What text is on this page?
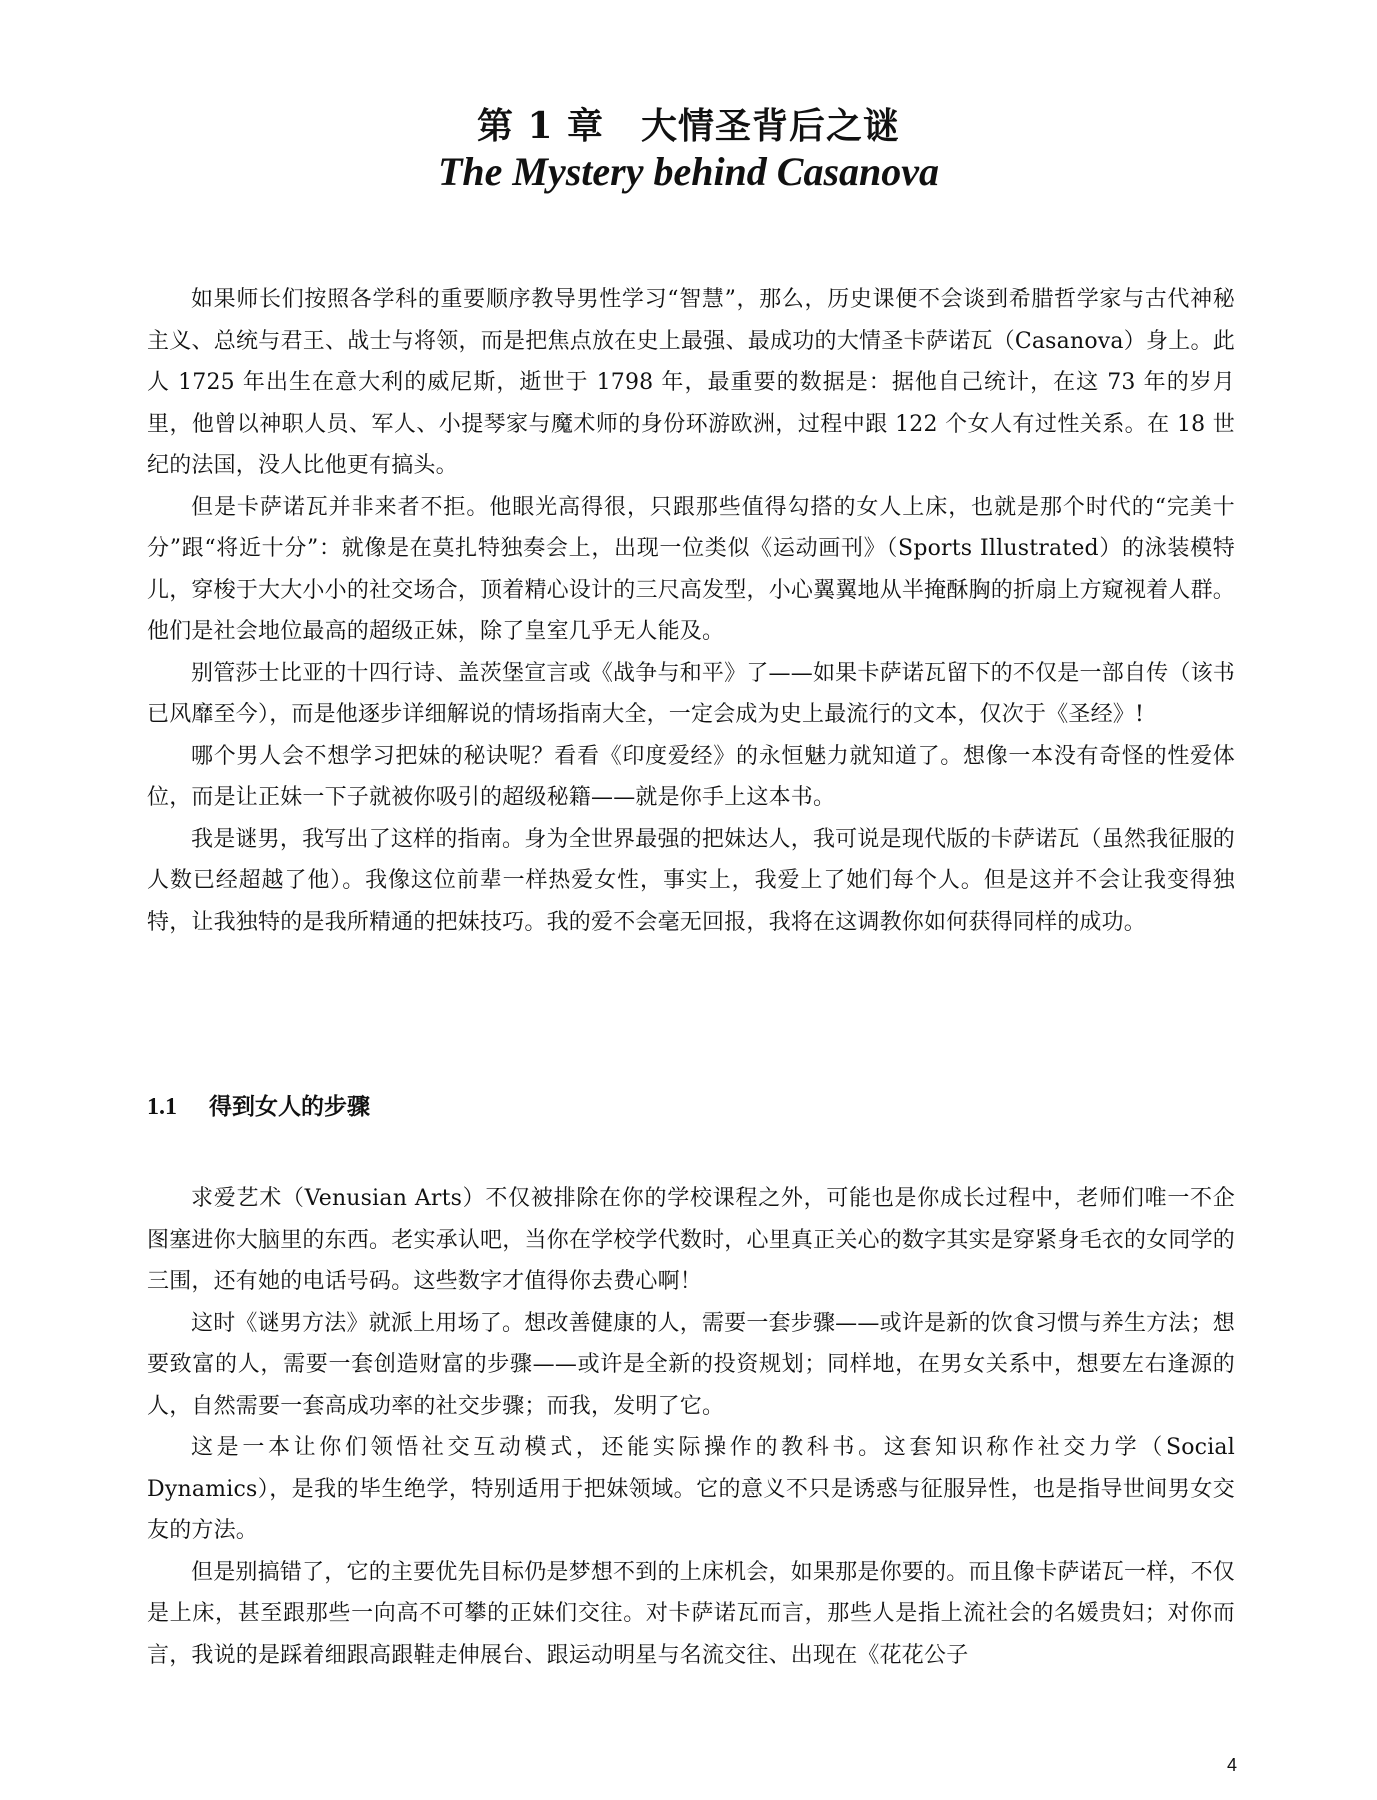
第 1 章　大情圣背后之谜
The Mystery behind Casanova

如果师长们按照各学科的重要顺序教导男性学习“智慧”，那么，历史课便不会谈到希腊哲学家与古代神秘主义、总统与君王、战士与将领，而是把焦点放在史上最强、最成功的大情圣卡萨诺瓦（Casanova）身上。此人 1725 年出生在意大利的威尼斯，逝世于 1798 年，最重要的数据是：据他自己统计，在这 73 年的岁月里，他曾以神职人员、军人、小提琴家与魔术师的身份环游欧洲，过程中跟 122 个女人有过性关系。在 18 世纪的法国，没人比他更有搞头。

但是卡萨诺瓦并非来者不拒。他眼光高得很，只跟那些值得勾搭的女人上床，也就是那个时代的“完美十分”跟“将近十分”：就像是在莫扎特独奏会上，出现一位类似《运动画刊》（Sports Illustrated）的泳装模特儿，穿梭于大大小小的社交场合，顶着精心设计的三尺高发型，小心翼翼地从半掩酥胸的折扇上方窥视着人群。他们是社会地位最高的超级正妹，除了皇室几乎无人能及。

别管莎士比亚的十四行诗、盖茨堡宣言或《战争与和平》了——如果卡萨诺瓦留下的不仅是一部自传（该书已风靡至今），而是他逐步详细解说的情场指南大全，一定会成为史上最流行的文本，仅次于《圣经》!

哪个男人会不想学习把妹的秘诀呢？看看《印度爱经》的永恒魅力就知道了。想像一本没有奇怪的性爱体位，而是让正妹一下子就被你吸引的超级秘籍——就是你手上这本书。

我是谜男，我写出了这样的指南。身为全世界最强的把妹达人，我可说是现代版的卡萨诺瓦（虽然我征服的人数已经超越了他）。我像这位前辈一样热爱女性，事实上，我爱上了她们每个人。但是这并不会让我变得独特，让我独特的是我所精通的把妹技巧。我的爱不会毫无回报，我将在这调教你如何获得同样的成功。

1.1 得到女人的步骤

求爱艺术（Venusian Arts）不仅被排除在你的学校课程之外，可能也是你成长过程中，老师们唯一不企图塞进你大脑里的东西。老实承认吧，当你在学校学代数时，心里真正关心的数字其实是穿紧身毛衣的女同学的三围，还有她的电话号码。这些数字才值得你去费心啊！

这时《谜男方法》就派上用场了。想改善健康的人，需要一套步骤——或许是新的饮食习惯与养生方法；想要致富的人，需要一套创造财富的步骤——或许是全新的投资规划；同样地，在男女关系中，想要左右逢源的人，自然需要一套高成功率的社交步骤；而我，发明了它。

这是一本让你们领悟社交互动模式，还能实际操作的教科书。这套知识称作社交力学（Social Dynamics），是我的毕生绝学，特别适用于把妹领域。它的意义不只是诱惑与征服异性，也是指导世间男女交友的方法。

但是别搞错了，它的主要优先目标仍是梦想不到的上床机会，如果那是你要的。而且像卡萨诺瓦一样，不仅是上床，甚至跟那些一向高不可攀的正妹们交往。对卡萨诺瓦而言，那些人是指上流社会的名媛贵妇；对你而言，我说的是踩着细跟高跟鞋走伸展台、跟运动明星与名流交往、出现在《花花公子

4
